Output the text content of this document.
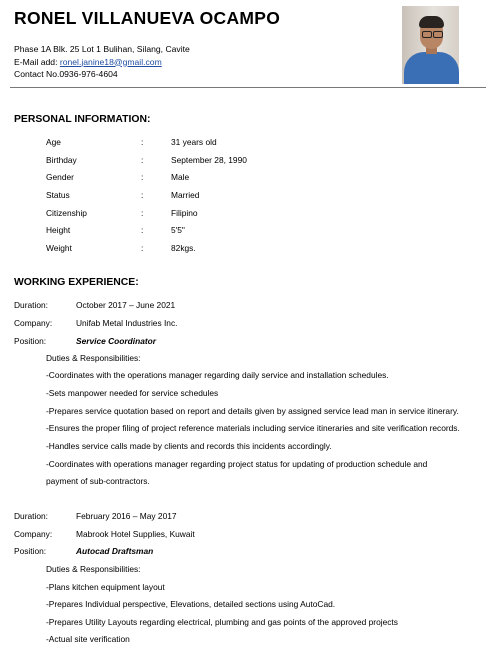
RONEL VILLANUEVA OCAMPO
Phase 1A Blk. 25 Lot 1 Bulihan, Silang, Cavite
E-Mail add: ronel.janine18@gmail.com
Contact No.0936-976-4604
PERSONAL INFORMATION:
Age	:	31 years old
Birthday	:	September 28, 1990
Gender	:	Male
Status	:	Married
Citizenship	:	Filipino
Height	:	5'5"
Weight	:	82kgs.
WORKING EXPERIENCE:
Duration:	October 2017 – June 2021
Company:	Unifab Metal Industries Inc.
Position:	Service Coordinator
Duties & Responsibilities:
-Coordinates with the operations manager regarding daily service and installation schedules.
-Sets manpower needed for service schedules
-Prepares service quotation based on report and details given by assigned service lead man in service itinerary.
-Ensures the proper filing of project reference materials including service itineraries and site verification records.
-Handles service calls made by clients and records this incidents accordingly.
-Coordinates with operations manager regarding project status for updating of production schedule and
payment of sub-contractors.
Duration:	February 2016 – May 2017
Company:	Mabrook Hotel Supplies, Kuwait
Position:	Autocad Draftsman
Duties & Responsibilities:
-Plans kitchen equipment layout
-Prepares Individual perspective, Elevations, detailed sections using AutoCad.
-Prepares Utility Layouts regarding electrical, plumbing and gas points of the approved projects
-Actual site verification
